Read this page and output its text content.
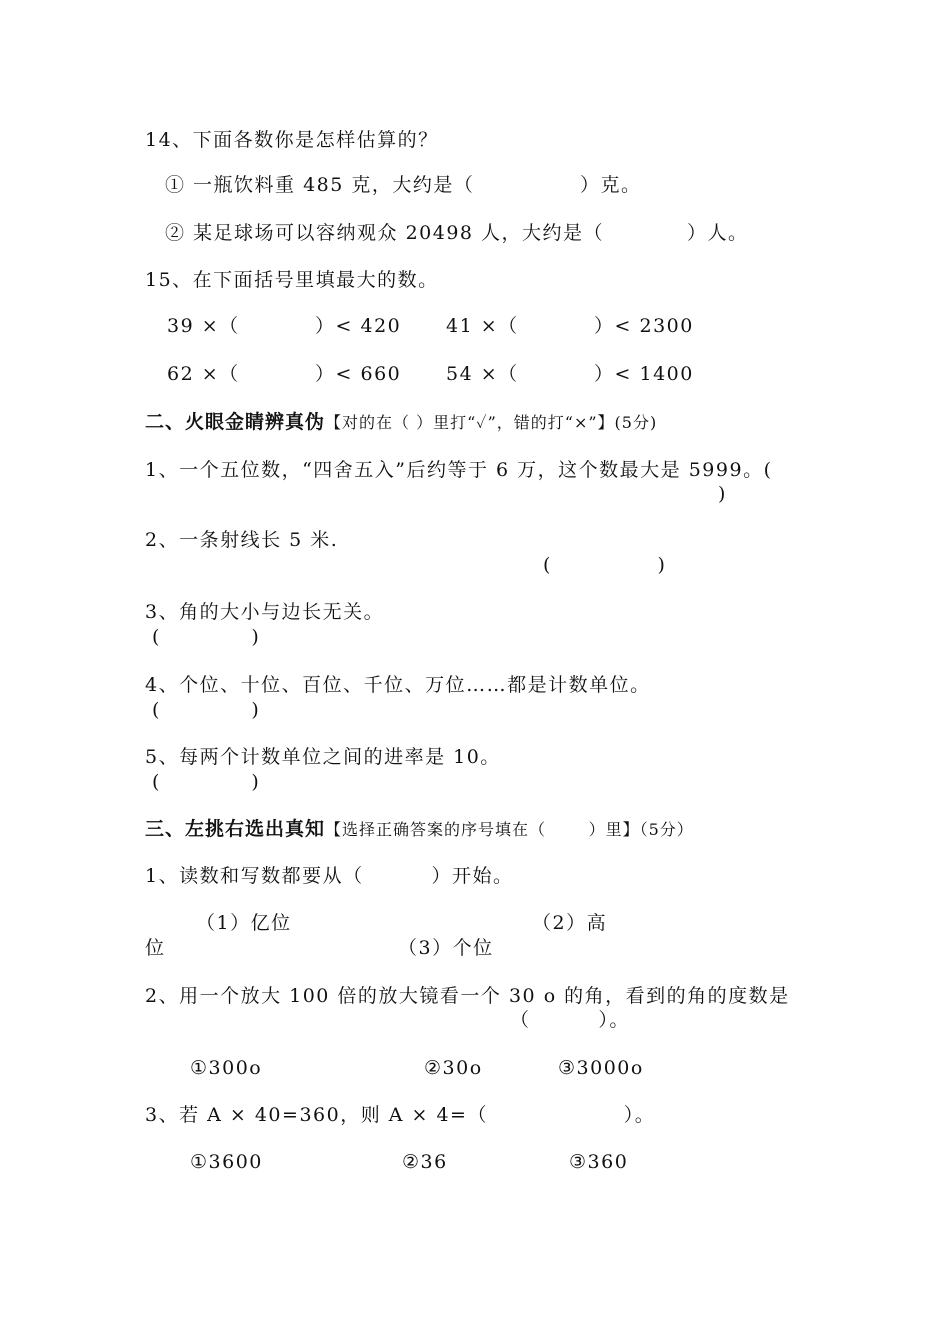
14、下面各数你是怎样估算的？
① 一瓶饮料重 485 克，大约是（              ）克。
② 某足球场可以容纳观众 20498 人，大约是（           ）人。
15、在下面括号里填最大的数。
39 ×（          ）< 420 41 ×（          ）< 2300
62 ×（          ）< 660 54 ×（          ）< 1400
二、火眼金睛辨真伪【对的在（ ）里打“✓”，错的打“×”】(5分)
1、一个五位数，“四舍五入”后约等于 6 万，这个数最大是 5999。(
)
2、一条射线长 5 米.
(              )
3、角的大小与边长无关。
(            )
4、个位、十位、百位、千位、万位……都是计数单位。
(            )
5、每两个计数单位之间的进率是 10。
(            )
三、左挑右选出真知【选择正确答案的序号填在（       ）里】（5分）
1、读数和写数都要从（         ）开始。
（1）亿位	（2）高
位	（3）个位
2、用一个放大 100 倍的放大镜看一个 30 o 的角，看到的角的度数是
（         ）。
①300o	②30o	③3000o
3、若 A × 40=360，则 A × 4=（                  ）。
①3600	②36	③360
